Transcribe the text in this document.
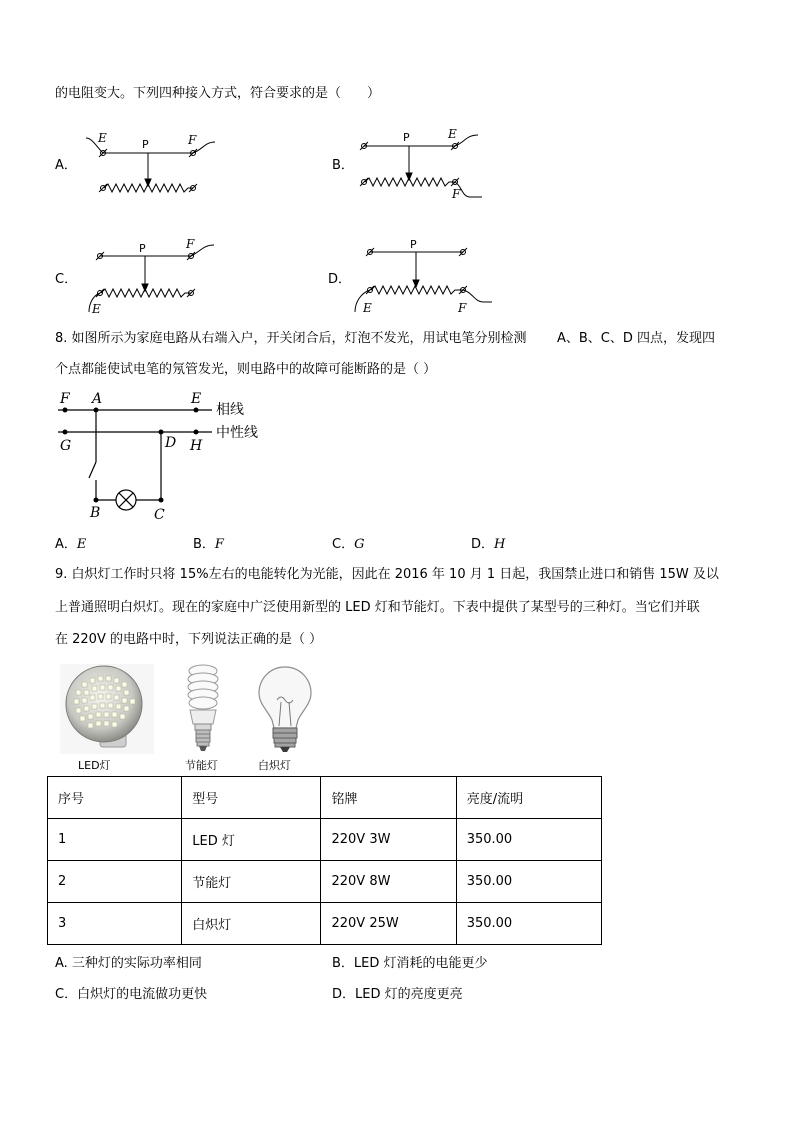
的电阻变大。下列四种接入方式，符合要求的是（　　）
A．
E	P	F
B．
P	E
F
C．
P	F
E
D．
P
E	F
8. 如图所示为家庭电路从右端入户，开关闭合后，灯泡不发光，用试电笔分别检测 A、B、C、D 四点，发现四
个点都能使试电笔的氖管发光，则电路中的故障可能断路的是（ ）
F A	E
相线
G	D H
中性线
B	C
A．E	B．F	C．G	D．H
9. 白炽灯工作时只将 15%左右的电能转化为光能，因此在 2016 年 10 月 1 日起，我国禁止进口和销售 15W 及以
上普通照明白炽灯。现在的家庭中广泛使用新型的 LED 灯和节能灯。下表中提供了某型号的三种灯。当它们并联
在 220V 的电路中时，下列说法正确的是（ ）
LED灯	节能灯	白炽灯
序号	型号	铭牌	亮度/流明
1	LED 灯	220V 3W	350.00
2	节能灯	220V 8W	350.00
3	白炽灯	220V 25W	350.00
A. 三种灯的实际功率相同	B．LED 灯消耗的电能更少
C．白炽灯的电流做功更快	D．LED 灯的亮度更亮
